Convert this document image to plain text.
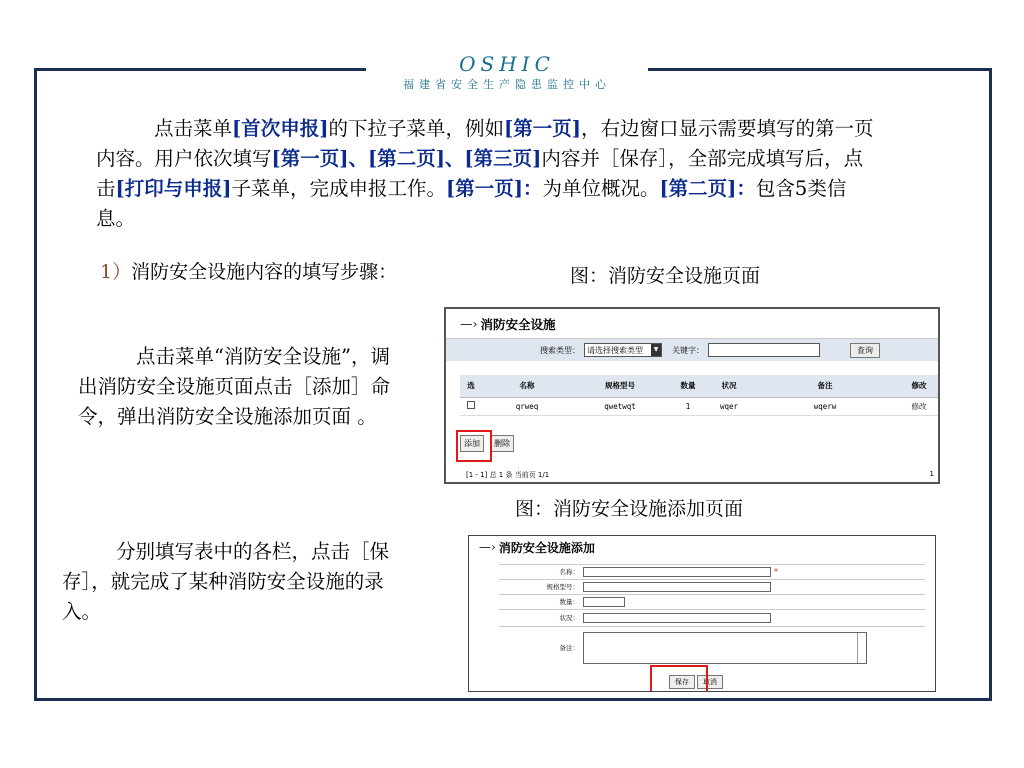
OSHIC
福建省安全生产隐患监控中心
点击菜单[首次申报]的下拉子菜单，例如[第一页]，右边窗口显示需要填写的第一页内容。用户依次填写[第一页]、[第二页]、[第三页]内容并［保存］，全部完成填写后，点击[打印与申报]子菜单，完成申报工作。[第一页]：为单位概况。[第二页]：包含5类信息。
1）消防安全设施内容的填写步骤：	图：消防安全设施页面
图：消防安全设施添加页面
点击菜单“消防安全设施”，调出消防安全设施页面点击［添加］命令，弹出消防安全设施添加页面 。
分别填写表中的各栏，点击［保存］，就完成了某种消防安全设施的录入。
—› 消防安全设施
搜索类型： 请选择搜索类型	▼	关键字：	查询
选	名称	规格型号	数量	状况	备注	修改
	qrweq	qwetwqt	1	wqer	wqerw	修改
添加	删除
[1 - 1] 总 1 条 当前页 1/1	1
—› 消防安全设施添加
名称：	*
规格型号：
数量：
状况：
备注：
保存	取消
